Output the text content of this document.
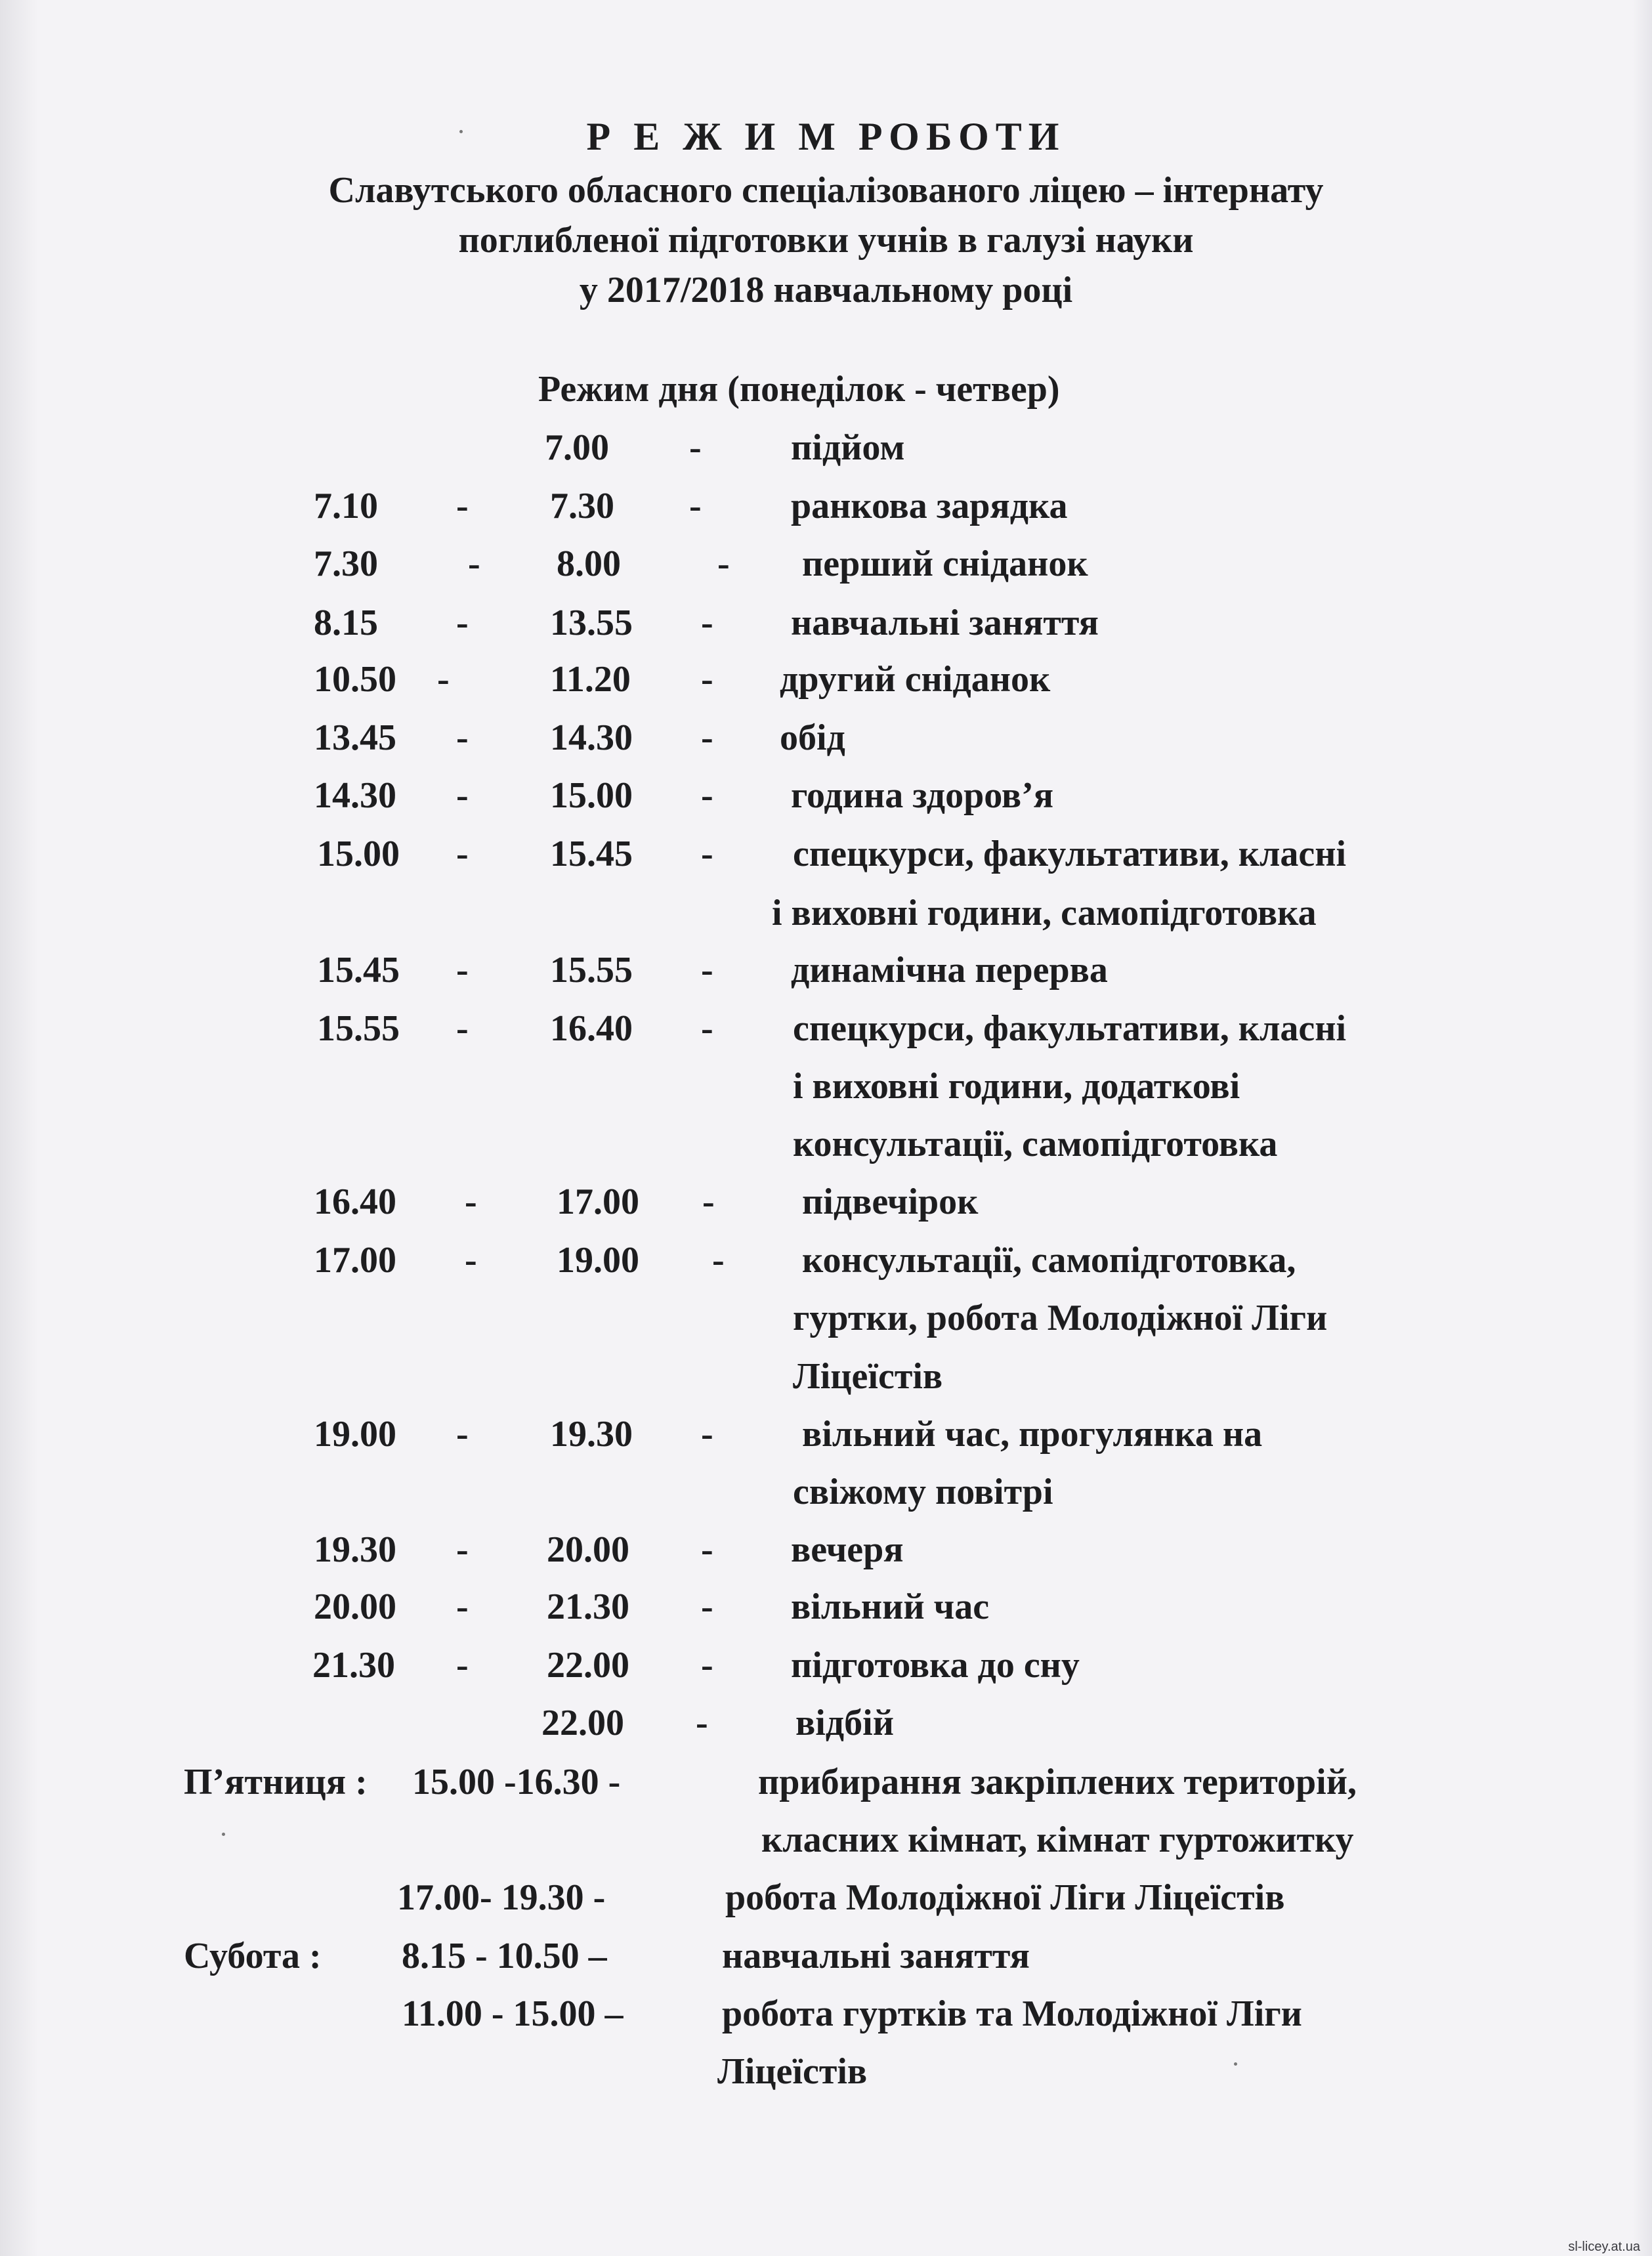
Р Е Ж И М РОБОТИ
Славутського обласного спеціалізованого ліцею – інтернату
поглибленої підготовки учнів в галузі науки
у 2017/2018 навчальному році
Режим дня (понеділок - четвер)
7.00 - підйом
7.10 - 7.30 - ранкова зарядка
7.30 - 8.00	- перший сніданок
8.15 - 13.55 - навчальні заняття
10.50 -	11.20 - другий сніданок
13.45 - 14.30 - обід
14.30 - 15.00 - година здоров’я
15.00 - 15.45 - спецкурси, факультативи, класні
і виховні години, самопідготовка
15.45 - 15.55 - динамічна перерва
15.55 - 16.40 - спецкурси, факультативи, класні
і виховні години, додаткові
консультації, самопідготовка
16.40 - 17.00 - підвечірок
17.00 - 19.00 - консультації, самопідготовка,
гуртки, робота Молодіжної Ліги
Ліцеїстів
19.00 - 19.30 - вільний час, прогулянка на
свіжому повітрі
19.30 - 20.00 - вечеря
20.00 - 21.30 - вільний час
21.30 - 22.00 - підготовка до сну
22.00 - відбій
П’ятниця : 15.00 -16.30 -	прибирання закріплених територій,
класних кімнат, кімнат гуртожитку
17.00- 19.30 -	робота Молодіжної Ліги Ліцеїстів
Субота : 8.15 - 10.50 –	навчальні заняття
11.00 - 15.00 –	робота гуртків та Молодіжної Ліги
Ліцеїстів
sl-licey.at.ua
